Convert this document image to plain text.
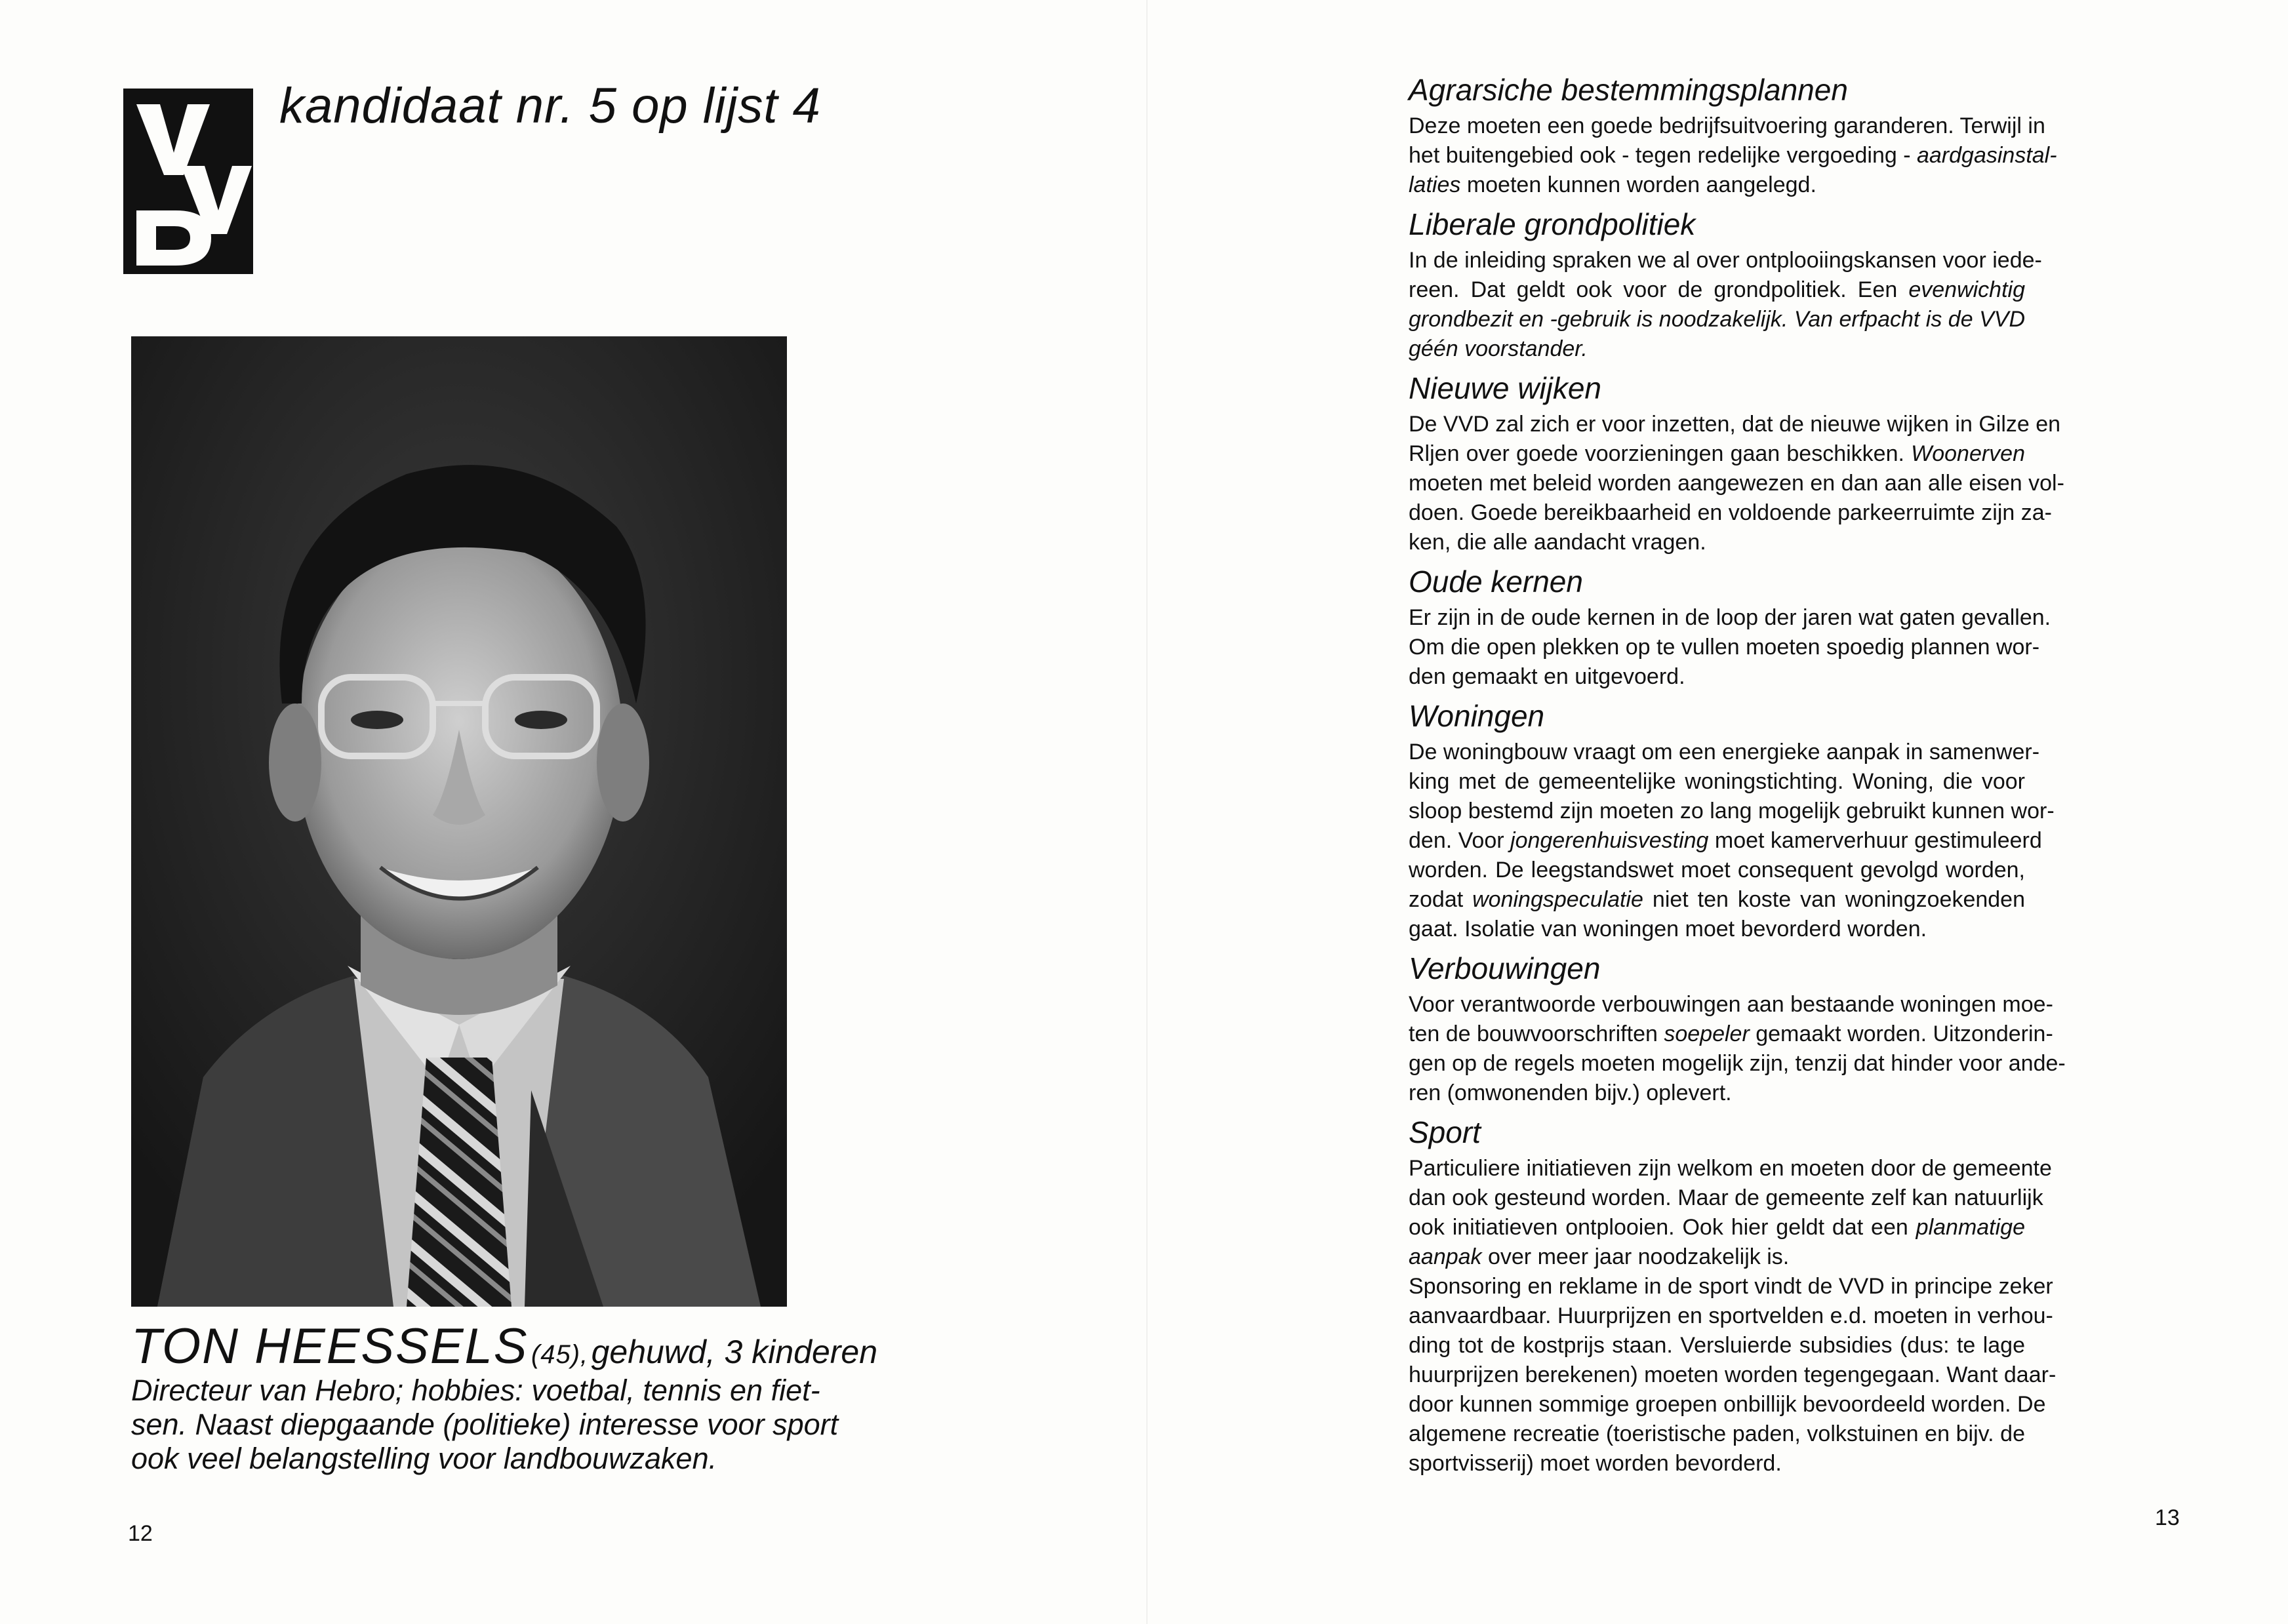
kandidaat nr. 5 op lijst 4
TON HEESSELS (45), gehuwd, 3 kinderen
Directeur van Hebro; hobbies: voetbal, tennis en fiet-
sen. Naast diepgaande (politieke) interesse voor sport
ook veel belangstelling voor landbouwzaken.
12
Agrarsiche bestemmingsplannen
Deze moeten een goede bedrijfsuitvoering garanderen. Terwijl in
het buitengebied ook - tegen redelijke vergoeding - aardgasinstal-
laties moeten kunnen worden aangelegd.
Liberale grondpolitiek
In de inleiding spraken we al over ontplooiingskansen voor iede-
reen. Dat geldt ook voor de grondpolitiek. Een evenwichtig
grondbezit en -gebruik is noodzakelijk. Van erfpacht is de VVD
géén voorstander.
Nieuwe wijken
De VVD zal zich er voor inzetten, dat de nieuwe wijken in Gilze en
Rljen over goede voorzieningen gaan beschikken. Woonerven
moeten met beleid worden aangewezen en dan aan alle eisen vol-
doen. Goede bereikbaarheid en voldoende parkeerruimte zijn za-
ken, die alle aandacht vragen.
Oude kernen
Er zijn in de oude kernen in de loop der jaren wat gaten gevallen.
Om die open plekken op te vullen moeten spoedig plannen wor-
den gemaakt en uitgevoerd.
Woningen
De woningbouw vraagt om een energieke aanpak in samenwer-
king met de gemeentelijke woningstichting. Woning, die voor
sloop bestemd zijn moeten zo lang mogelijk gebruikt kunnen wor-
den. Voor jongerenhuisvesting moet kamerverhuur gestimuleerd
worden. De leegstandswet moet consequent gevolgd worden,
zodat woningspeculatie niet ten koste van woningzoekenden
gaat. Isolatie van woningen moet bevorderd worden.
Verbouwingen
Voor verantwoorde verbouwingen aan bestaande woningen moe-
ten de bouwvoorschriften soepeler gemaakt worden. Uitzonderin-
gen op de regels moeten mogelijk zijn, tenzij dat hinder voor ande-
ren (omwonenden bijv.) oplevert.
Sport
Particuliere initiatieven zijn welkom en moeten door de gemeente
dan ook gesteund worden. Maar de gemeente zelf kan natuurlijk
ook initiatieven ontplooien. Ook hier geldt dat een planmatige
aanpak over meer jaar noodzakelijk is.
Sponsoring en reklame in de sport vindt de VVD in principe zeker
aanvaardbaar. Huurprijzen en sportvelden e.d. moeten in verhou-
ding tot de kostprijs staan. Versluierde subsidies (dus: te lage
huurprijzen berekenen) moeten worden tegengegaan. Want daar-
door kunnen sommige groepen onbillijk bevoordeeld worden. De
algemene recreatie (toeristische paden, volkstuinen en bijv. de
sportvisserij) moet worden bevorderd.
13
